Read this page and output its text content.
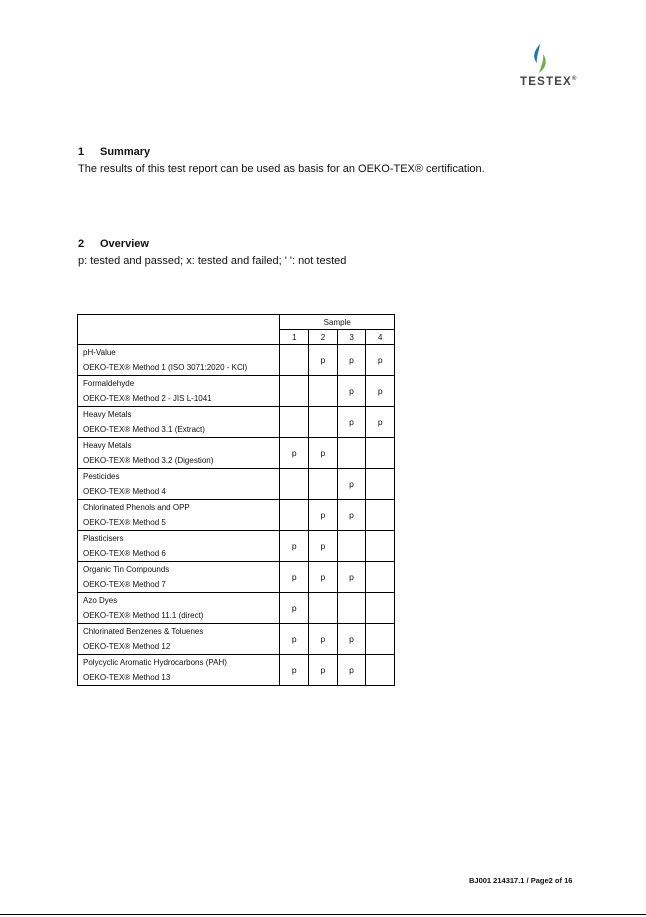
TESTEX®
1 Summary
The results of this test report can be used as basis for an OEKO-TEX® certification.
2 Overview
p: tested and passed; x: tested and failed; ' ': not tested
	Sample			
	1	2	3	4

pH-Value
OEKO-TEX® Method 1 (ISO 3071:2020 - KCl)		p	p	p

Formaldehyde
OEKO-TEX® Method 2 - JIS L-1041			p	p

Heavy Metals
OEKO-TEX® Method 3.1 (Extract)			p	p

Heavy Metals
OEKO-TEX® Method 3.2 (Digestion)	p	p		

Pesticides
OEKO-TEX® Method 4			p	

Chlorinated Phenols and OPP
OEKO-TEX® Method 5		p	p	

Plasticisers
OEKO-TEX® Method 6	p	p		

Organic Tin Compounds
OEKO-TEX® Method 7	p	p	p	

Azo Dyes
OEKO-TEX® Method 11.1 (direct)	p			

Chlorinated Benzenes & Toluenes
OEKO-TEX® Method 12	p	p	p	

Polycyclic Aromatic Hydrocarbons (PAH)
OEKO-TEX® Method 13	p	p	p	
BJ001 214317.1 / Page2 of 16
